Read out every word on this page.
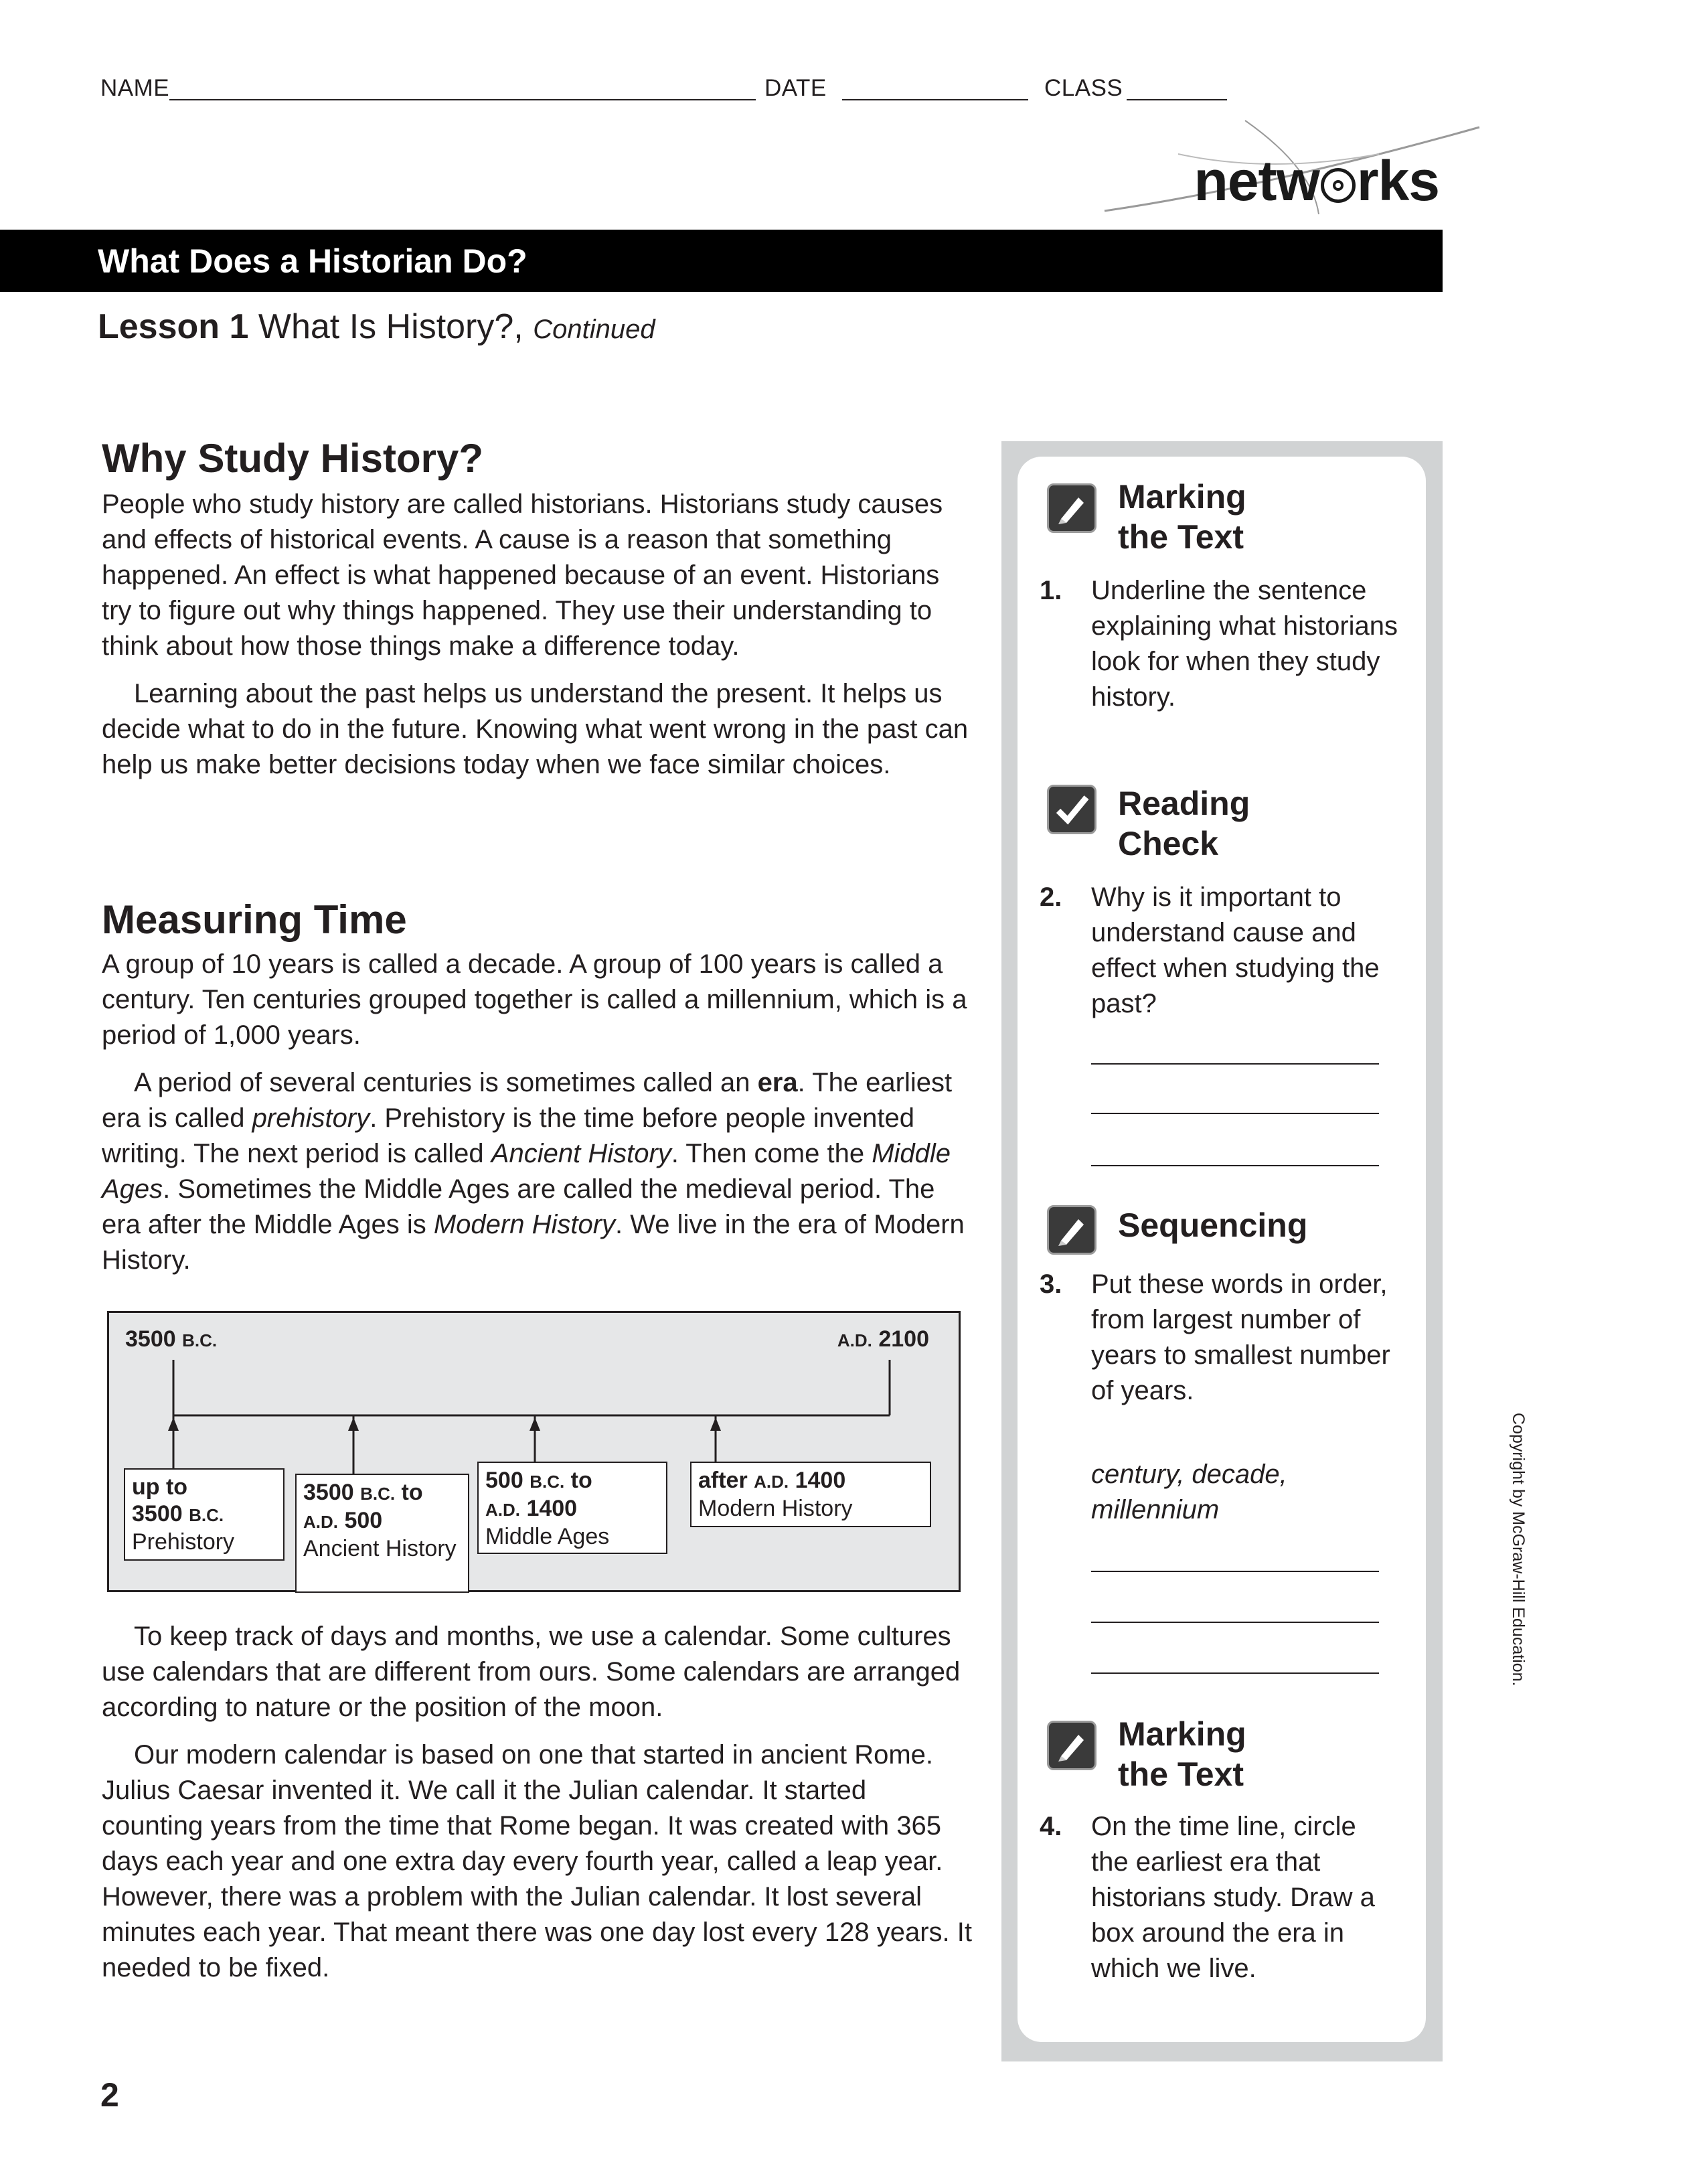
NAME	DATE	CLASS
netw rks
What Does a Historian Do?
Lesson 1 What Is History?, Continued
Why Study History?

People who study history are called historians. Historians study causes and effects of historical events. A cause is a reason that something happened. An effect is what happened because of an event. Historians try to figure out why things happened. They use their understanding to think about how those things make a difference today.

Learning about the past helps us understand the present. It helps us decide what to do in the future. Knowing what went wrong in the past can help us make better decisions today when we face similar choices.

Measuring Time

A group of 10 years is called a decade. A group of 100 years is called a century. Ten centuries grouped together is called a millennium, which is a period of 1,000 years.

A period of several centuries is sometimes called an era. The earliest era is called prehistory. Prehistory is the time before people invented writing. The next period is called Ancient History. Then come the Middle Ages. Sometimes the Middle Ages are called the medieval period. The era after the Middle Ages is Modern History. We live in the era of Modern History.

3500 B.C.	A.D. 2100
up to
3500 B.C.
Prehistory
3500 B.C. to
A.D. 500
Ancient History
500 B.C. to
A.D. 1400
Middle Ages
after A.D. 1400
Modern History

To keep track of days and months, we use a calendar. Some cultures use calendars that are different from ours. Some calendars are arranged according to nature or the position of the moon.

Our modern calendar is based on one that started in ancient Rome. Julius Caesar invented it. We call it the Julian calendar. It started counting years from the time that Rome began. It was created with 365 days each year and one extra day every fourth year, called a leap year. However, there was a problem with the Julian calendar. It lost several minutes each year. That meant there was one day lost every 128 years. It needed to be fixed.

Marking
the Text
1. Underline the sentence explaining what historians look for when they study history.
Reading
Check
2. Why is it important to understand cause and effect when studying the past?
Sequencing
3. Put these words in order, from largest number of years to smallest number of years.
century, decade, millennium
Marking
the Text
4. On the time line, circle the earliest era that historians study. Draw a box around the era in which we live.
Copyright by McGraw-Hill Education.
2
